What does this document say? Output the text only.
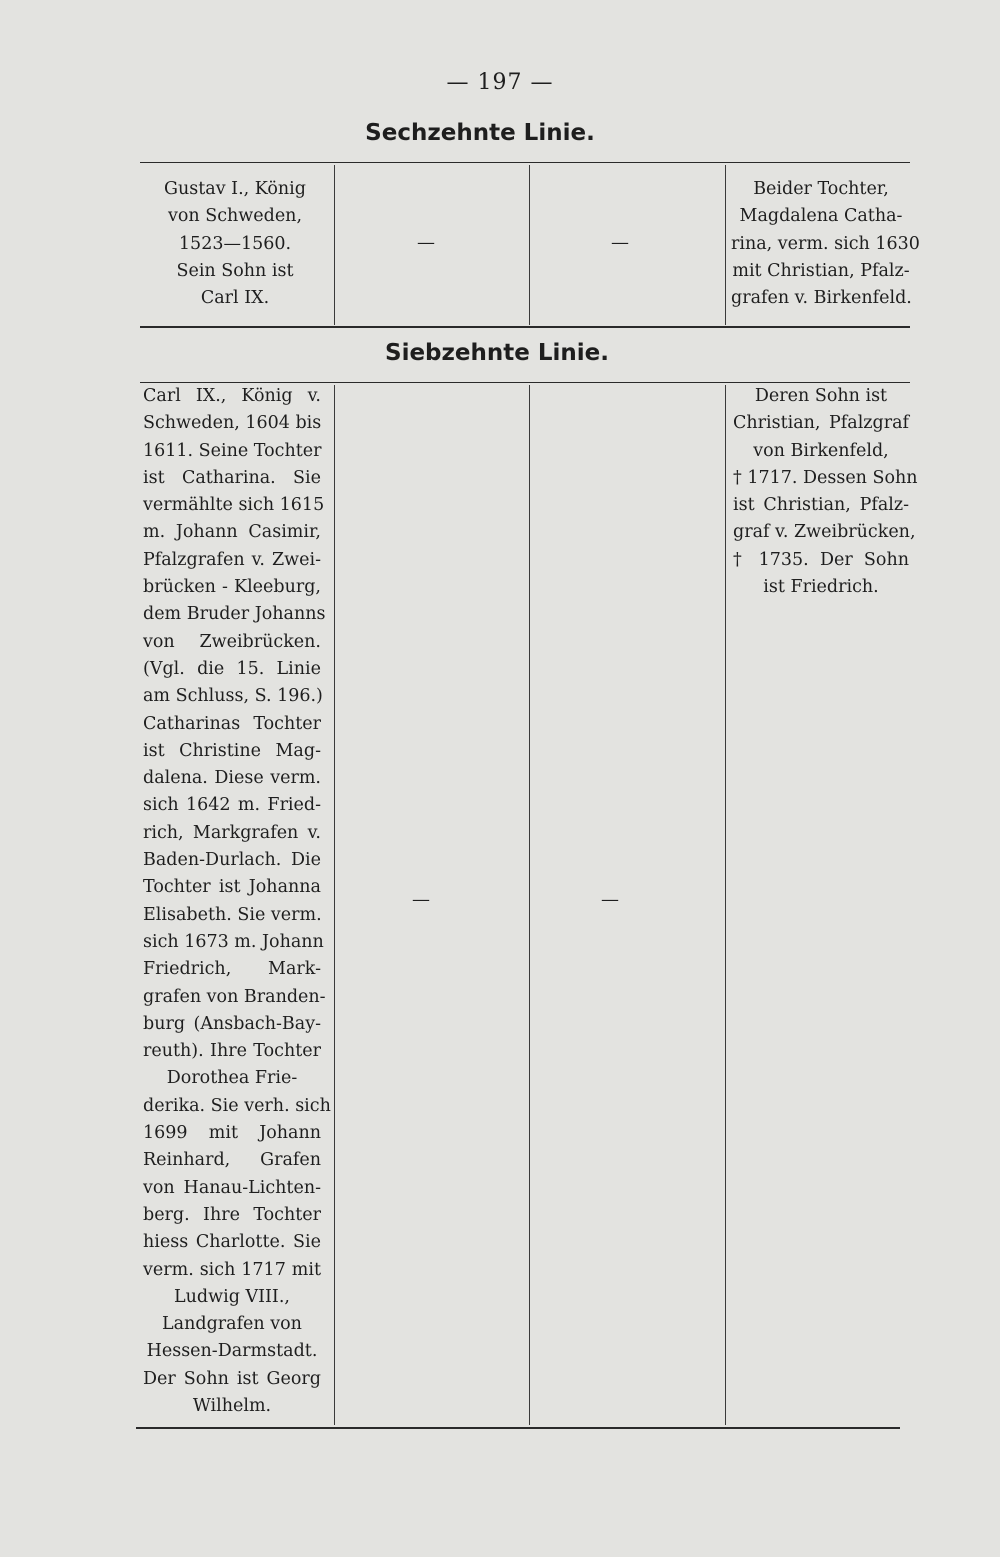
— 197 —
Sechzehnte Linie.
Gustav I., König
von Schweden,
1523—1560.
Sein Sohn ist
Carl IX.
—	—
Beider Tochter,
Magdalena Catha-
rina, verm. sich 1630
mit Christian, Pfalz-
grafen v. Birkenfeld.
Siebzehnte Linie.
Carl IX., König v.
Schweden, 1604 bis
1611. Seine Tochter
ist Catharina. Sie
vermählte sich 1615
m. Johann Casimir,
Pfalzgrafen v. Zwei-
brücken - Kleeburg,
dem Bruder Johanns
von Zweibrücken.
(Vgl. die 15. Linie
am Schluss, S. 196.)
Catharinas Tochter
ist Christine Mag-
dalena. Diese verm.
sich 1642 m. Fried-
rich, Markgrafen v.
Baden-Durlach. Die
Tochter ist Johanna
Elisabeth. Sie verm.
sich 1673 m. Johann
Friedrich, Mark-
grafen von Branden-
burg (Ansbach-Bay-
reuth). Ihre Tochter
Dorothea Frie-
derika. Sie verh. sich
1699 mit Johann
Reinhard, Grafen
von Hanau-Lichten-
berg. Ihre Tochter
hiess Charlotte. Sie
verm. sich 1717 mit
Ludwig VIII.,
Landgrafen von
Hessen-Darmstadt.
Der Sohn ist Georg
Wilhelm.
—	—
Deren Sohn ist
Christian, Pfalzgraf
von Birkenfeld,
† 1717. Dessen Sohn
ist Christian, Pfalz-
graf v. Zweibrücken,
† 1735. Der Sohn
ist Friedrich.
